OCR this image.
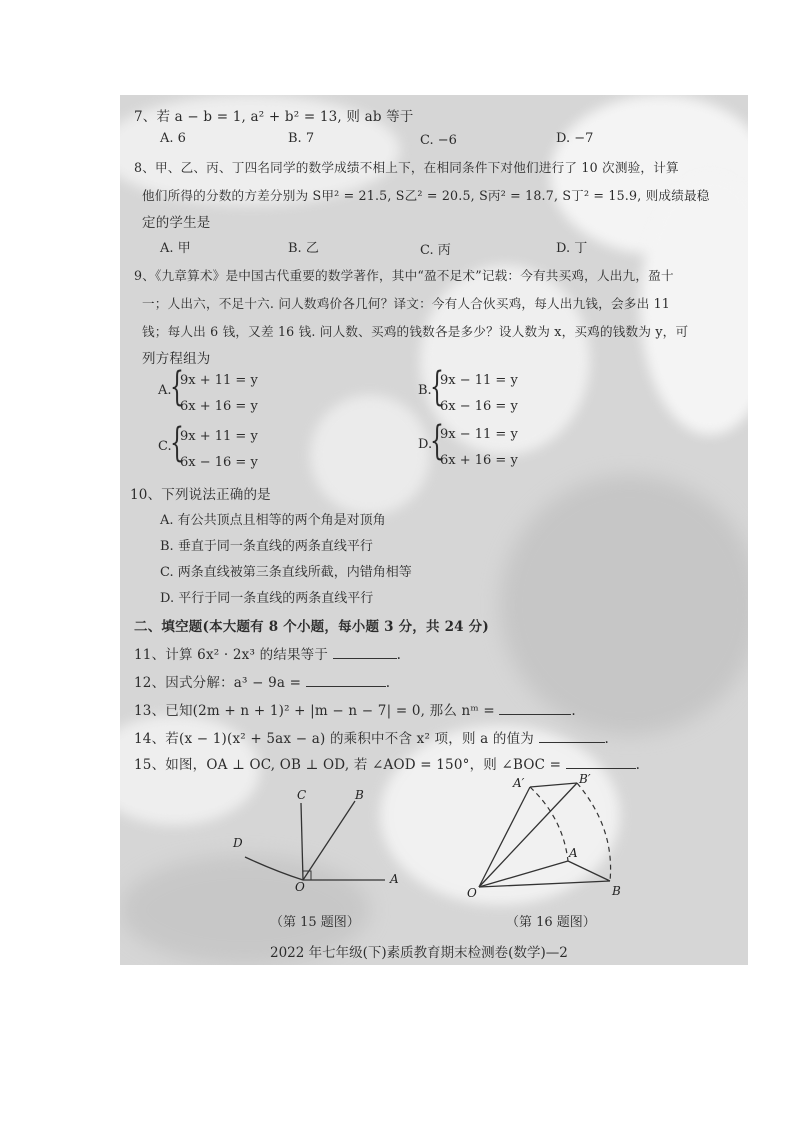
7、若 a − b = 1, a² + b² = 13, 则 ab 等于
A. 6	B. 7	C. −6	D. −7
8、甲、乙、丙、丁四名同学的数学成绩不相上下，在相同条件下对他们进行了 10 次测验，计算
他们所得的分数的方差分别为 S甲² = 21.5, S乙² = 20.5, S丙² = 18.7, S丁² = 15.9, 则成绩最稳
定的学生是
A. 甲	B. 乙	C. 丙	D. 丁
9、《九章算术》是中国古代重要的数学著作，其中“盈不足术”记载：今有共买鸡，人出九，盈十
一；人出六，不足十六. 问人数鸡价各几何？译文：今有人合伙买鸡，每人出九钱，会多出 11
钱；每人出 6 钱，又差 16 钱. 问人数、买鸡的钱数各是多少？设人数为 x，买鸡的钱数为 y，可
列方程组为
A.
{
9x + 11 = y
6x + 16 = y
B.
{
9x − 11 = y
6x − 16 = y
C.
{
9x + 11 = y
6x − 16 = y
D.
{
9x − 11 = y
6x + 16 = y
10、下列说法正确的是
A. 有公共顶点且相等的两个角是对顶角
B. 垂直于同一条直线的两条直线平行
C. 两条直线被第三条直线所截，内错角相等
D. 平行于同一条直线的两条直线平行
二、填空题(本大题有 8 个小题，每小题 3 分，共 24 分)
11、计算 6x² · 2x³ 的结果等于	.
12、因式分解：a³ − 9a =	.
13、已知(2m + n + 1)² + |m − n − 7| = 0, 那么 nᵐ =	.
14、若(x − 1)(x² + 5ax − a) 的乘积中不含 x² 项，则 a 的值为	.
15、如图，OA ⊥ OC, OB ⊥ OD, 若 ∠AOD = 150°，则 ∠BOC =	.
C	B
D
O
A
（第 15 题图）
A′	B′
A
O	B
（第 16 题图）
2022 年七年级(下)素质教育期末检测卷(数学)—2
